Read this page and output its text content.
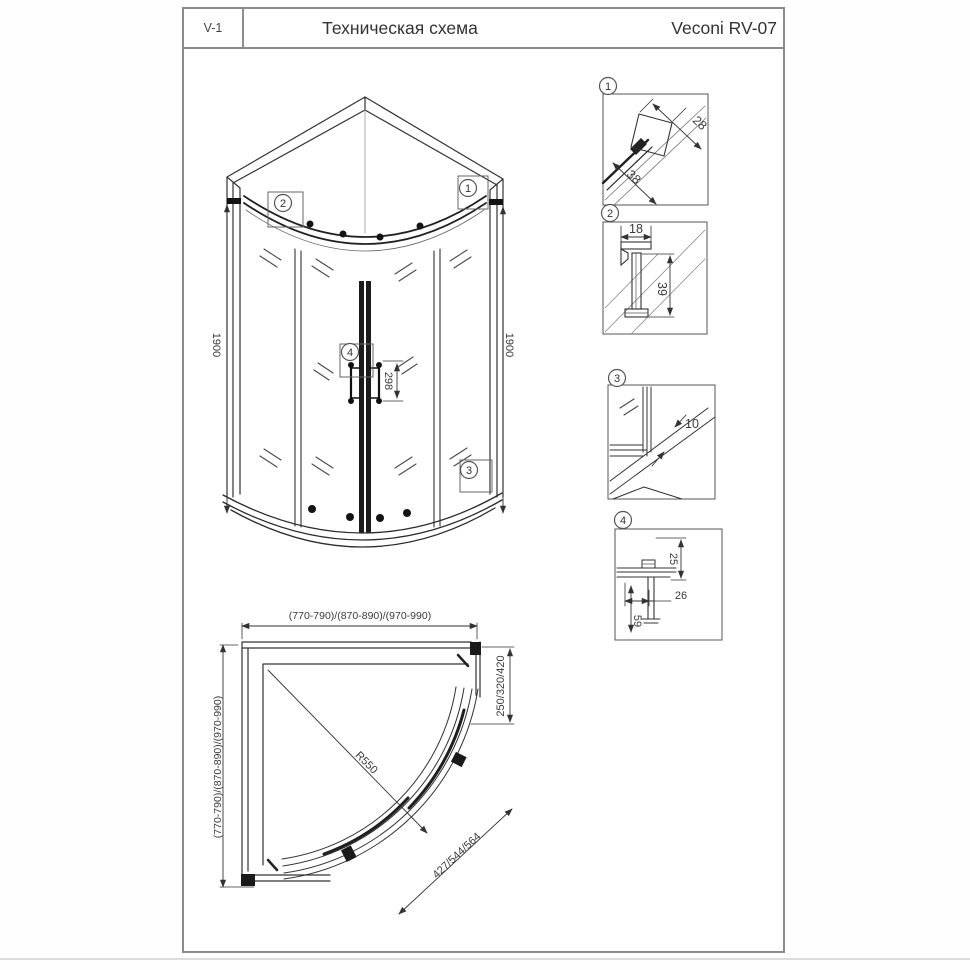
V-1	Техническая схема	Veconi RV-07
1900	1900
298
2
1
3
4
1
28
38
2
18
39
3
10
4
25
26
59
R550
427/544/564
(770-790)/(870-890)/(970-990)
(770-790)/(870-890)/(970-990)
250/320/420
